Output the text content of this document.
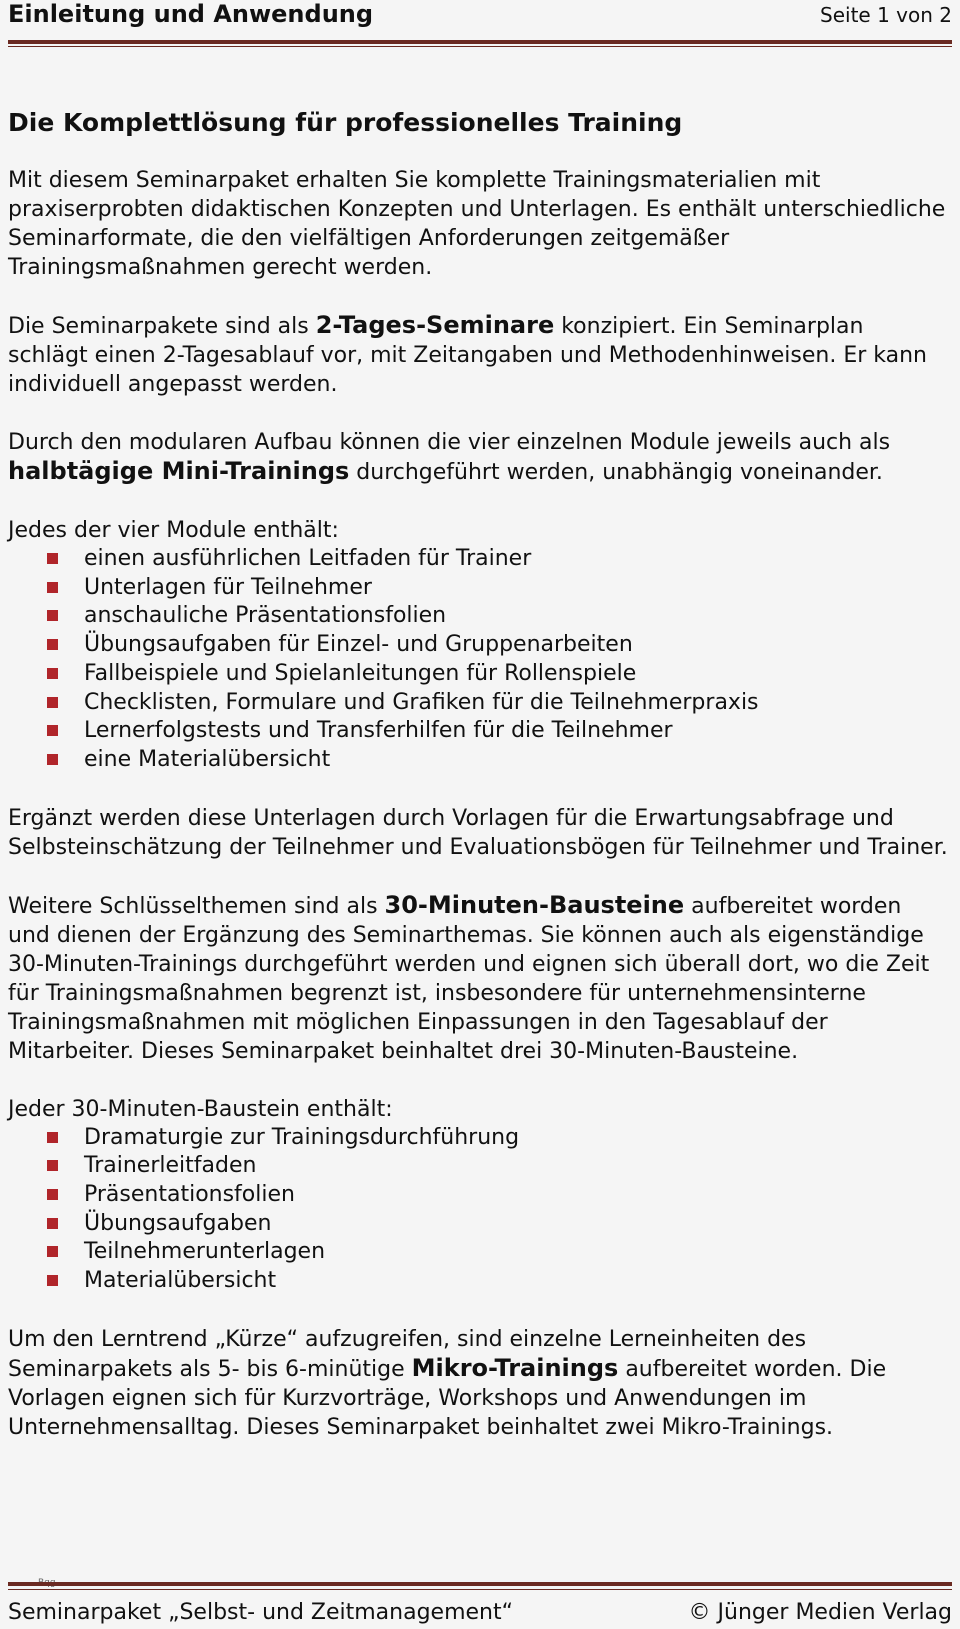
Einleitung und Anwendung	Seite 1 von 2
Die Komplettlösung für professionelles Training

Mit diesem Seminarpaket erhalten Sie komplette Trainingsmaterialien mit praxiserprobten didaktischen Konzepten und Unterlagen. Es enthält unterschiedliche Seminarformate, die den vielfältigen Anforderungen zeitgemäßer Trainingsmaßnahmen gerecht werden.

Die Seminarpakete sind als 2-Tages-Seminare konzipiert. Ein Seminarplan schlägt einen 2-Tagesablauf vor, mit Zeitangaben und Methodenhinweisen. Er kann individuell angepasst werden.

Durch den modularen Aufbau können die vier einzelnen Module jeweils auch als halbtägige Mini-Trainings durchgeführt werden, unabhängig voneinander.

Jedes der vier Module enthält:

einen ausführlichen Leitfaden für Trainer
Unterlagen für Teilnehmer
anschauliche Präsentationsfolien
Übungsaufgaben für Einzel- und Gruppenarbeiten
Fallbeispiele und Spielanleitungen für Rollenspiele
Checklisten, Formulare und Grafiken für die Teilnehmerpraxis
Lernerfolgstests und Transferhilfen für die Teilnehmer
eine Materialübersicht

Ergänzt werden diese Unterlagen durch Vorlagen für die Erwartungsabfrage und Selbsteinschätzung der Teilnehmer und Evaluationsbögen für Teilnehmer und Trainer.

Weitere Schlüsselthemen sind als 30-Minuten-Bausteine aufbereitet worden und dienen der Ergänzung des Seminarthemas. Sie können auch als eigenständige 30-Minuten-Trainings durchgeführt werden und eignen sich überall dort, wo die Zeit für Trainingsmaßnahmen begrenzt ist, insbesondere für unternehmensinterne Trainingsmaßnahmen mit möglichen Einpassungen in den Tagesablauf der Mitarbeiter. Dieses Seminarpaket beinhaltet drei 30-Minuten-Bausteine.

Jeder 30-Minuten-Baustein enthält:

Dramaturgie zur Trainingsdurchführung
Trainerleitfaden
Präsentationsfolien
Übungsaufgaben
Teilnehmerunterlagen
Materialübersicht

Um den Lerntrend „Kürze“ aufzugreifen, sind einzelne Lerneinheiten des Seminarpakets als 5- bis 6-minütige Mikro-Trainings aufbereitet worden. Die Vorlagen eignen sich für Kurzvorträge, Workshops und Anwendungen im Unternehmensalltag. Dieses Seminarpaket beinhaltet zwei Mikro-Trainings.

Seminarpaket „Selbst- und Zeitmanagement“	© Jünger Medien Verlag
